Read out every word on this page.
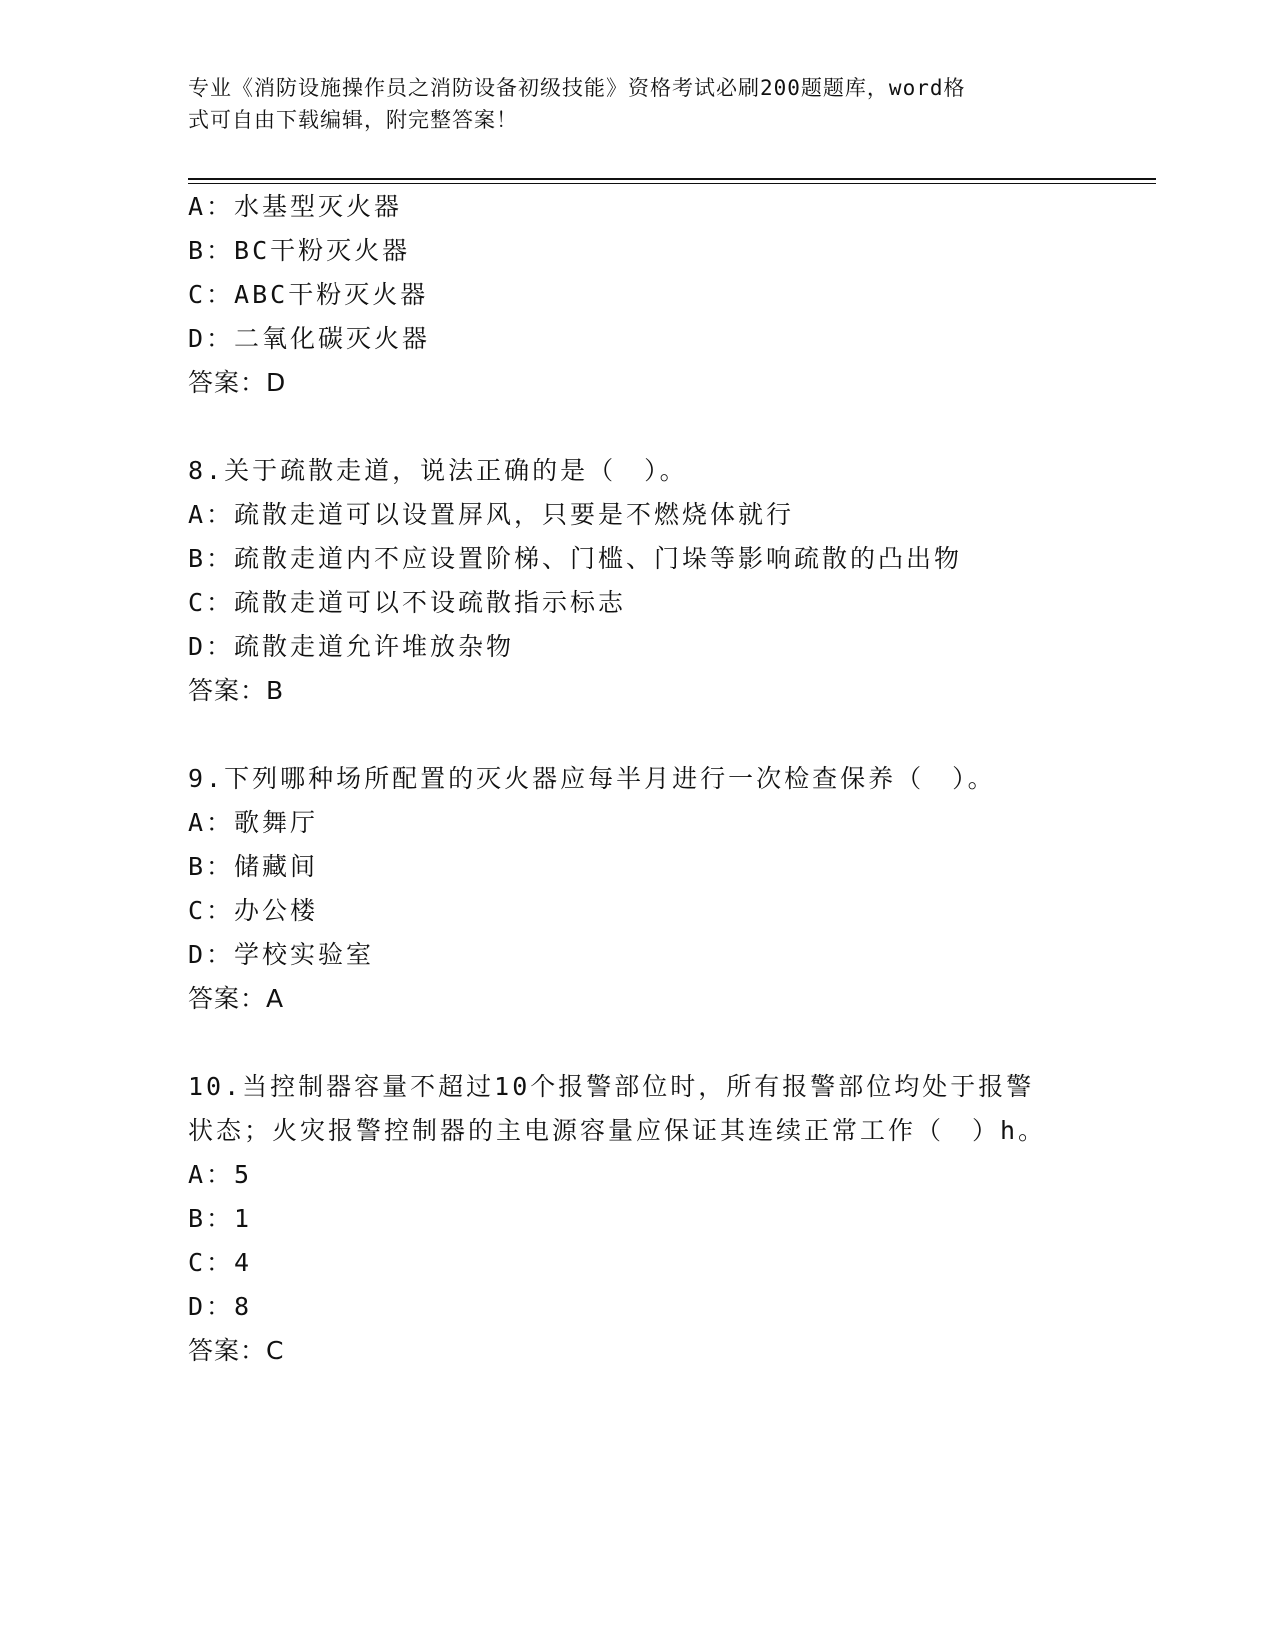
专业《消防设施操作员之消防设备初级技能》资格考试必刷200题题库，word格
式可自由下载编辑，附完整答案！
A：水基型灭火器
B：BC干粉灭火器
C：ABC干粉灭火器
D：二氧化碳灭火器
答案：D
8.关于疏散走道，说法正确的是（　）。
A：疏散走道可以设置屏风，只要是不燃烧体就行
B：疏散走道内不应设置阶梯、门槛、门垛等影响疏散的凸出物
C：疏散走道可以不设疏散指示标志
D：疏散走道允许堆放杂物
答案：B
9.下列哪种场所配置的灭火器应每半月进行一次检查保养（　）。
A：歌舞厅
B：储藏间
C：办公楼
D：学校实验室
答案：A
10.当控制器容量不超过10个报警部位时，所有报警部位均处于报警
状态；火灾报警控制器的主电源容量应保证其连续正常工作（　）h。
A：5
B：1
C：4
D：8
答案：C
